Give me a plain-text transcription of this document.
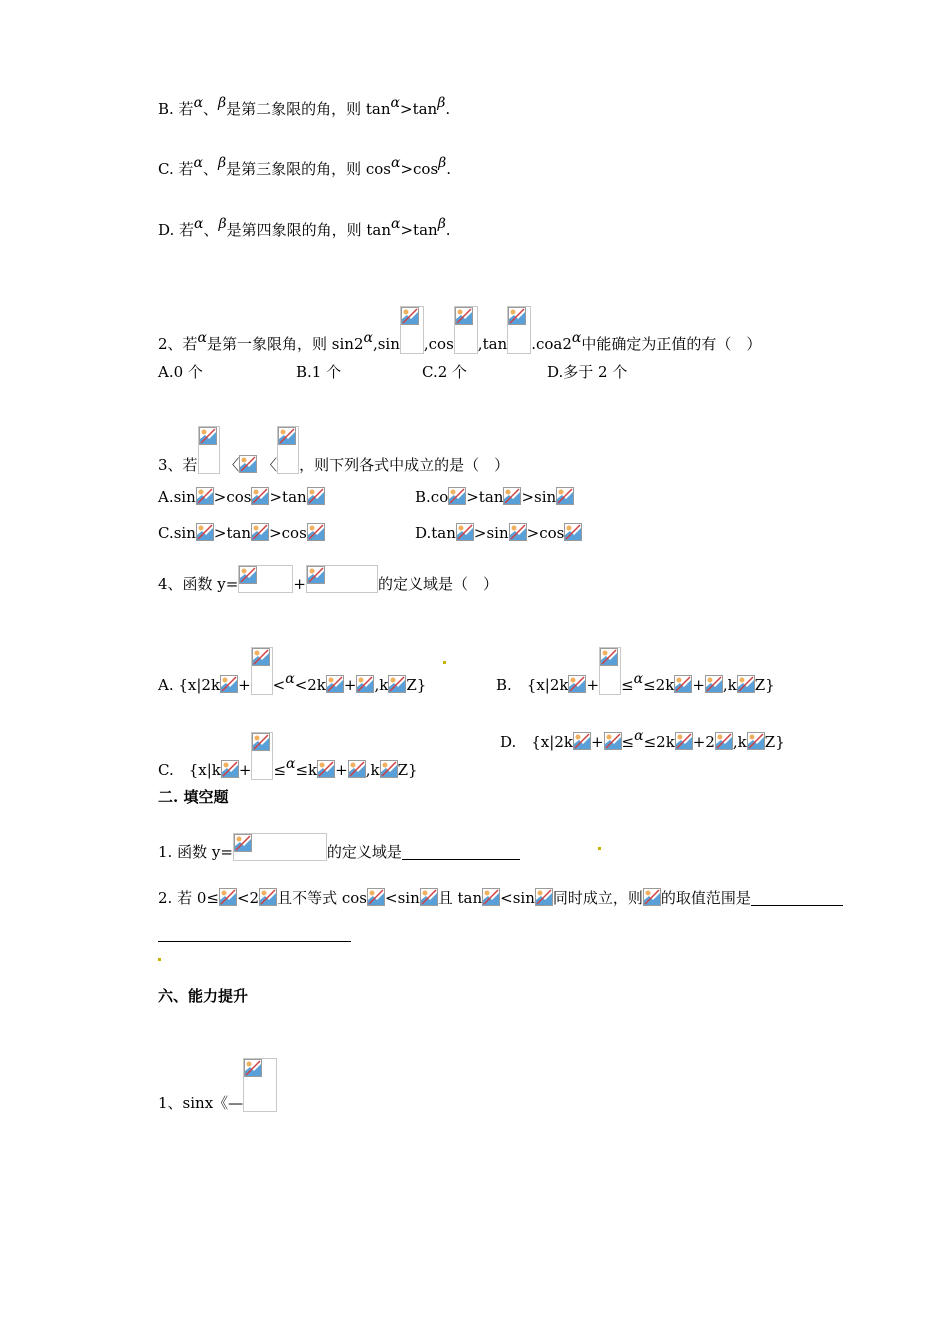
B. 若α、β是第二象限的角，则 tanα>tanβ.
C. 若α、β是第三象限的角，则 cosα>cosβ.
D. 若α、β是第四象限的角，则 tanα>tanβ.
2、若α是第一象限角，则 sin2α,sin ,cos ,tan .coa2α中能确定为正值的有（　）
A.0 个	B.1 个	C.2 个	D.多于 2 个
3、若 〈 〈 ，则下列各式中成立的是（　）
A.sin >cos >tan	B.co >tan >sin
C.sin >tan >cos	D.tan >sin >cos
4、函数 y=	+	的定义域是（　）
A. {x|2k + <α<2k + ,k Z}	B.　{x|2k + ≤α≤2k + ,k Z}
C.　{x|k + ≤α≤k + ,k Z}
D.　{x|2k + ≤α≤2k +2 ,k Z}
二. 填空题
1. 函数 y=	的定义域是
2. 若 0≤ <2 且不等式 cos <sin 且 tan <sin 同时成立，则 的取值范围是
六、能力提升
1、sinx《—
